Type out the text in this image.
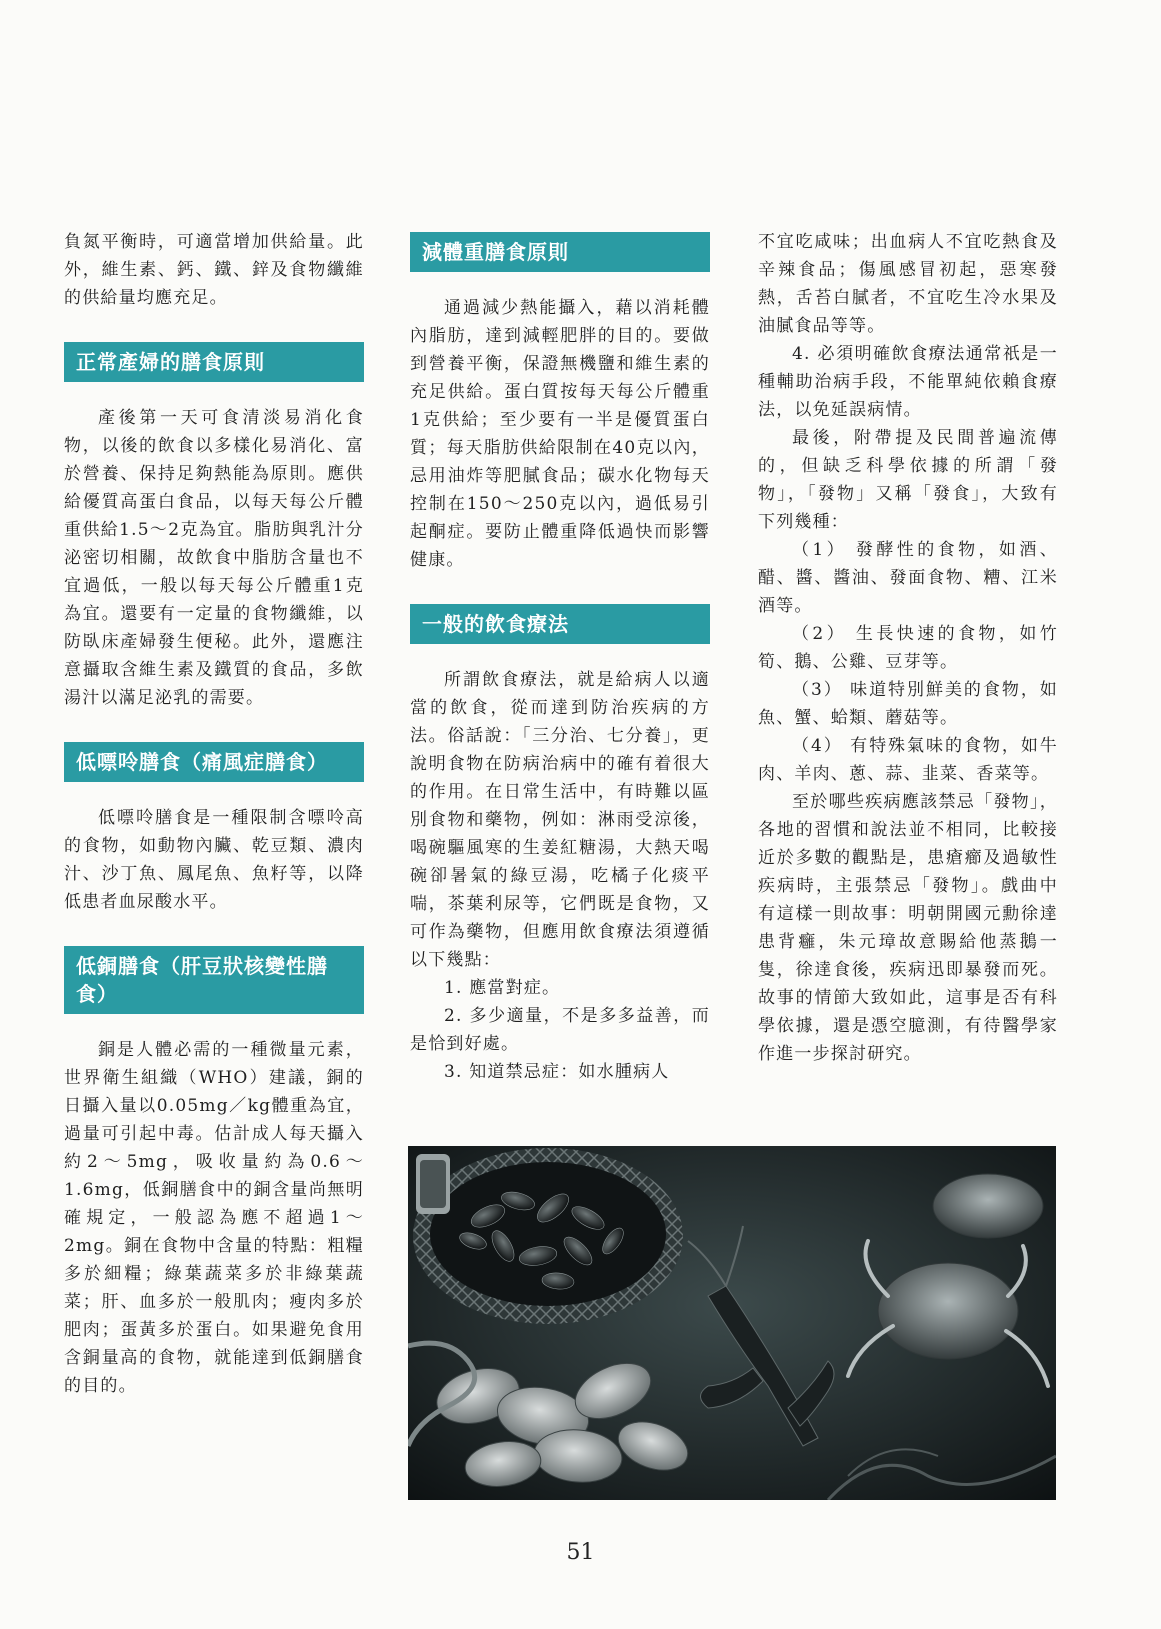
負氮平衡時，可適當增加供給量。此外，維生素、鈣、鐵、鋅及食物纖維的供給量均應充足。

正常產婦的膳食原則

產後第一天可食清淡易消化食物，以後的飲食以多樣化易消化、富於營養、保持足夠熱能為原則。應供給優質高蛋白食品，以每天每公斤體重供給1.5～2克為宜。脂肪與乳汁分泌密切相關，故飲食中脂肪含量也不宜過低，一般以每天每公斤體重1克為宜。還要有一定量的食物纖維，以防臥床產婦發生便秘。此外，還應注意攝取含維生素及鐵質的食品，多飲湯汁以滿足泌乳的需要。

低嘌呤膳食（痛風症膳食）

低嘌呤膳食是一種限制含嘌呤高的食物，如動物內臟、乾豆類、濃肉汁、沙丁魚、鳳尾魚、魚籽等，以降低患者血尿酸水平。

低銅膳食（肝豆狀核變性膳食）

銅是人體必需的一種微量元素，世界衛生組織（WHO）建議，銅的日攝入量以0.05mg／kg體重為宜，過量可引起中毒。估計成人每天攝入約2～5mg，吸收量約為0.6～1.6mg，低銅膳食中的銅含量尚無明確規定，一般認為應不超過1～2mg。銅在食物中含量的特點：粗糧多於細糧；綠葉蔬菜多於非綠葉蔬菜；肝、血多於一般肌肉；瘦肉多於肥肉；蛋黃多於蛋白。如果避免食用含銅量高的食物，就能達到低銅膳食的目的。

減體重膳食原則

通過減少熱能攝入，藉以消耗體內脂肪，達到減輕肥胖的目的。要做到營養平衡，保證無機鹽和維生素的充足供給。蛋白質按每天每公斤體重1克供給；至少要有一半是優質蛋白質；每天脂肪供給限制在40克以內，忌用油炸等肥膩食品；碳水化物每天控制在150～250克以內，過低易引起酮症。要防止體重降低過快而影響健康。

一般的飲食療法

所謂飲食療法，就是給病人以適當的飲食，從而達到防治疾病的方法。俗話說：「三分治、七分養」，更說明食物在防病治病中的確有着很大的作用。在日常生活中，有時難以區別食物和藥物，例如：淋雨受涼後，喝碗驅風寒的生姜紅糖湯，大熱天喝碗卻暑氣的綠豆湯，吃橘子化痰平喘，茶葉利尿等，它們既是食物，又可作為藥物，但應用飲食療法須遵循以下幾點：

1. 應當對症。

2. 多少適量，不是多多益善，而是恰到好處。

3. 知道禁忌症：如水腫病人

不宜吃咸味；出血病人不宜吃熱食及辛辣食品；傷風感冒初起，惡寒發熱，舌苔白膩者，不宜吃生冷水果及油膩食品等等。

4. 必須明確飲食療法通常祇是一種輔助治病手段，不能單純依賴食療法，以免延誤病情。

最後，附帶提及民間普遍流傳的，但缺乏科學依據的所謂「發物」，「發物」又稱「發食」，大致有下列幾種：

（1） 發酵性的食物，如酒、醋、醬、醬油、發面食物、糟、江米酒等。

（2） 生長快速的食物，如竹筍、鵝、公雞、豆芽等。

（3） 味道特別鮮美的食物，如魚、蟹、蛤類、蘑菇等。

（4） 有特殊氣味的食物，如牛肉、羊肉、蔥、蒜、韭菜、香菜等。

至於哪些疾病應該禁忌「發物」，各地的習慣和說法並不相同，比較接近於多數的觀點是，患瘡癤及過敏性疾病時，主張禁忌「發物」。戲曲中有這樣一則故事：明朝開國元勳徐達患背癰，朱元璋故意賜給他蒸鵝一隻，徐達食後，疾病迅即暴發而死。故事的情節大致如此，這事是否有科學依據，還是憑空臆測，有待醫學家作進一步探討研究。

51
